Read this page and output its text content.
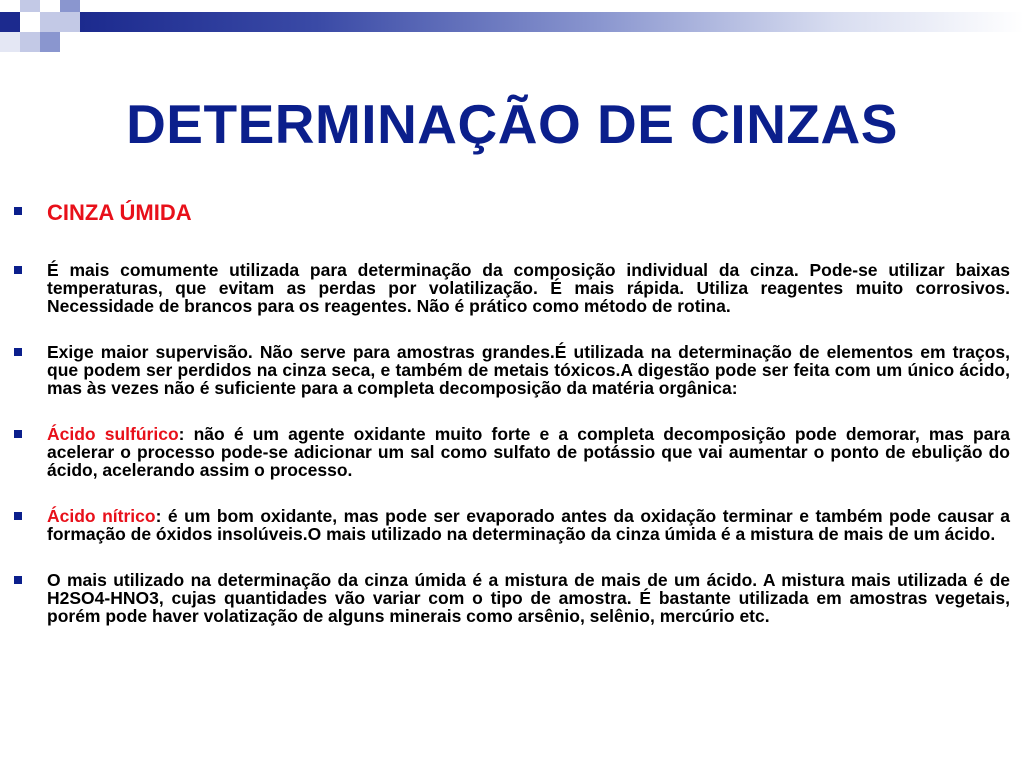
DETERMINAÇÃO DE CINZAS
CINZA ÚMIDA
É mais comumente utilizada para determinação da composição individual da cinza. Pode-se utilizar baixas temperaturas, que evitam as perdas por volatilização. É mais rápida. Utiliza reagentes muito corrosivos. Necessidade de brancos para os reagentes. Não é prático como método de rotina.
Exige maior supervisão. Não serve para amostras grandes.É utilizada na determinação de elementos em traços, que podem ser perdidos na cinza seca, e também de metais tóxicos.A digestão pode ser feita com um único ácido, mas às vezes não é suficiente para a completa decomposição da matéria orgânica:
Ácido sulfúrico: não é um agente oxidante muito forte e a completa decomposição pode demorar, mas para acelerar o processo pode-se adicionar um sal como sulfato de potássio que vai aumentar o ponto de ebulição do ácido, acelerando assim o processo.
Ácido nítrico: é um bom oxidante, mas pode ser evaporado antes da oxidação terminar e também pode causar a formação de óxidos insolúveis.O mais utilizado na determinação da cinza úmida é a mistura de mais de um ácido.
O mais utilizado na determinação da cinza úmida é a mistura de mais de um ácido. A mistura mais utilizada é de H2SO4-HNO3, cujas quantidades vão variar com o tipo de amostra. É bastante utilizada em amostras vegetais, porém pode haver volatização de alguns minerais como arsênio, selênio, mercúrio etc.
